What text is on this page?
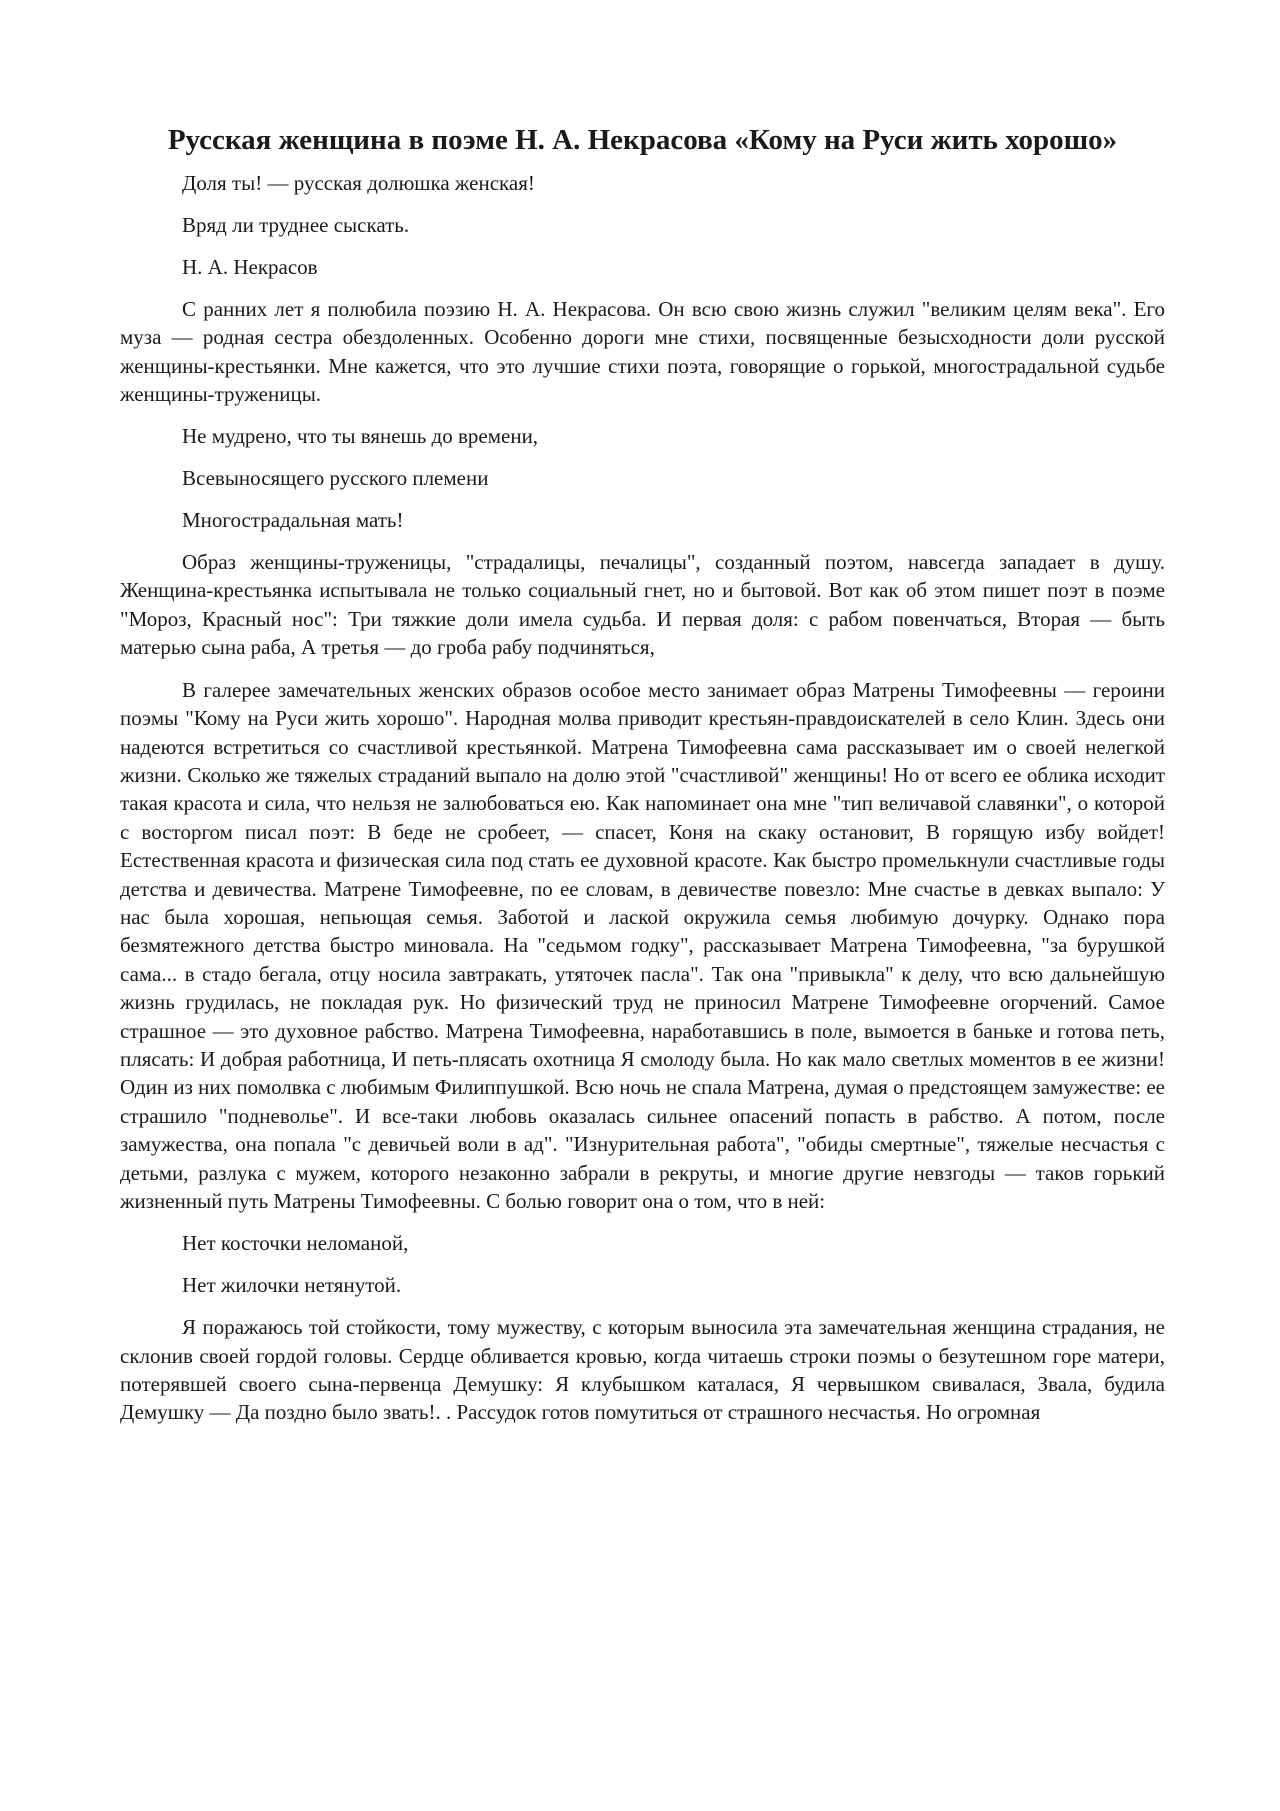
Русская женщина в поэме Н. А. Некрасова «Кому на Руси жить хорошо»

Доля ты! — русская долюшка женская!

Вряд ли труднее сыскать.

Н. А. Некрасов

С ранних лет я полюбила поэзию Н. А. Некрасова. Он всю свою жизнь служил "великим целям века". Его муза — родная сестра обездоленных. Особенно дороги мне стихи, посвященные безысходности доли русской женщины-крестьянки. Мне кажется, что это лучшие стихи поэта, говорящие о горькой, многострадальной судьбе женщины-труженицы.

Не мудрено, что ты вянешь до времени,

Всевыносящего русского племени

Многострадальная мать!

Образ женщины-труженицы, "страдалицы, печалицы", созданный поэтом, навсегда западает в душу. Женщина-крестьянка испытывала не только социальный гнет, но и бытовой. Вот как об этом пишет поэт в поэме "Мороз, Красный нос": Три тяжкие доли имела судьба. И первая доля: с рабом повенчаться, Вторая — быть матерью сына раба, А третья — до гроба рабу подчиняться,

В галерее замечательных женских образов особое место занимает образ Матрены Тимофеевны — героини поэмы "Кому на Руси жить хорошо". Народная молва приводит крестьян-правдоискателей в село Клин. Здесь они надеются встретиться со счастливой крестьянкой. Матрена Тимофеевна сама рассказывает им о своей нелегкой жизни. Сколько же тяжелых страданий выпало на долю этой "счастливой" женщины! Но от всего ее облика исходит такая красота и сила, что нельзя не залюбоваться ею. Как напоминает она мне "тип величавой славянки", о которой с восторгом писал поэт: В беде не сробеет, — спасет, Коня на скаку остановит, В горящую избу войдет! Естественная красота и физическая сила под стать ее духовной красоте. Как быстро промелькнули счастливые годы детства и девичества. Матрене Тимофеевне, по ее словам, в девичестве повезло: Мне счастье в девках выпало: У нас была хорошая, непьющая семья. Заботой и лаской окружила семья любимую дочурку. Однако пора безмятежного детства быстро миновала. На "седьмом годку", рассказывает Матрена Тимофеевна, "за бурушкой сама... в стадо бегала, отцу носила завтракать, утяточек пасла". Так она "привыкла" к делу, что всю дальнейшую жизнь грудилась, не покладая рук. Но физический труд не приносил Матрене Тимофеевне огорчений. Самое страшное — это духовное рабство. Матрена Тимофеевна, наработавшись в поле, вымоется в баньке и готова петь, плясать: И добрая работница, И петь-плясать охотница Я смолоду была. Но как мало светлых моментов в ее жизни! Один из них помолвка с любимым Филиппушкой. Всю ночь не спала Матрена, думая о предстоящем замужестве: ее страшило "подневолье". И все-таки любовь оказалась сильнее опасений попасть в рабство. А потом, после замужества, она попала "с девичьей воли в ад". "Изнурительная работа", "обиды смертные", тяжелые несчастья с детьми, разлука с мужем, которого незаконно забрали в рекруты, и многие другие невзгоды — таков горький жизненный путь Матрены Тимофеевны. С болью говорит она о том, что в ней:

Нет косточки неломаной,

Нет жилочки нетянутой.

Я поражаюсь той стойкости, тому мужеству, с которым выносила эта замечательная женщина страдания, не склонив своей гордой головы. Сердце обливается кровью, когда читаешь строки поэмы о безутешном горе матери, потерявшей своего сына-первенца Демушку: Я клубышком каталася, Я червышком свивалася, Звала, будила Демушку — Да поздно было звать!. . Рассудок готов помутиться от страшного несчастья. Но огромная
